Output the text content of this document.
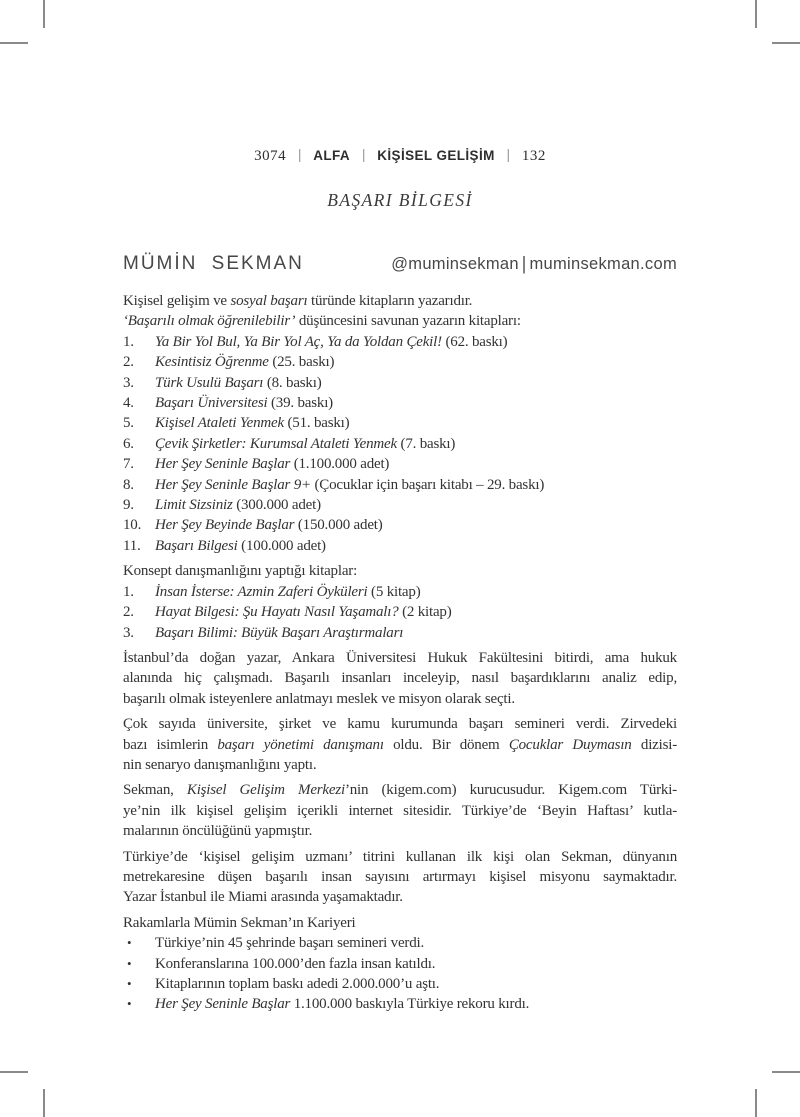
3074 | ALFA | KİŞİSEL GELİŞİM | 132
BAŞARI BİLGESİ
MÜMİN SEKMAN	@muminsekman | muminsekman.com
Kişisel gelişim ve sosyal başarı türünde kitapların yazarıdır.
‘Başarılı olmak öğrenilebilir’ düşüncesini savunan yazarın kitapları:
1.	Ya Bir Yol Bul, Ya Bir Yol Aç, Ya da Yoldan Çekil! (62. baskı)
2.	Kesintisiz Öğrenme (25. baskı)
3.	Türk Usulü Başarı (8. baskı)
4.	Başarı Üniversitesi (39. baskı)
5.	Kişisel Ataleti Yenmek (51. baskı)
6.	Çevik Şirketler: Kurumsal Ataleti Yenmek (7. baskı)
7.	Her Şey Seninle Başlar (1.100.000 adet)
8.	Her Şey Seninle Başlar 9+ (Çocuklar için başarı kitabı – 29. baskı)
9.	Limit Sizsiniz (300.000 adet)
10. Her Şey Beyinde Başlar (150.000 adet)
11. Başarı Bilgesi (100.000 adet)
Konsept danışmanlığını yaptığı kitaplar:
1.	İnsan İsterse: Azmin Zaferi Öyküleri (5 kitap)
2.	Hayat Bilgesi: Şu Hayatı Nasıl Yaşamalı? (2 kitap)
3.	Başarı Bilimi: Büyük Başarı Araştırmaları
İstanbul’da doğan yazar, Ankara Üniversitesi Hukuk Fakültesini bitirdi, ama hukuk
alanında hiç çalışmadı. Başarılı insanları inceleyip, nasıl başardıklarını analiz edip,
başarılı olmak isteyenlere anlatmayı meslek ve misyon olarak seçti.
Çok sayıda üniversite, şirket ve kamu kurumunda başarı semineri verdi. Zirvedeki
bazı isimlerin başarı yönetimi danışmanı oldu. Bir dönem Çocuklar Duymasın dizisi-
nin senaryo danışmanlığını yaptı.
Sekman, Kişisel Gelişim Merkezi’nin (kigem.com) kurucusudur. Kigem.com Türki-
ye’nin ilk kişisel gelişim içerikli internet sitesidir. Türkiye’de ‘Beyin Haftası’ kutla-
malarının öncülüğünü yapmıştır.
Türkiye’de ‘kişisel gelişim uzmanı’ titrini kullanan ilk kişi olan Sekman, dünyanın
metrekaresine düşen başarılı insan sayısını artırmayı kişisel misyonu saymaktadır.
Yazar İstanbul ile Miami arasında yaşamaktadır.
Rakamlarla Mümin Sekman’ın Kariyeri
•	Türkiye’nin 45 şehrinde başarı semineri verdi.
•	Konferanslarına 100.000’den fazla insan katıldı.
•	Kitaplarının toplam baskı adedi 2.000.000’u aştı.
•	Her Şey Seninle Başlar 1.100.000 baskıyla Türkiye rekoru kırdı.
